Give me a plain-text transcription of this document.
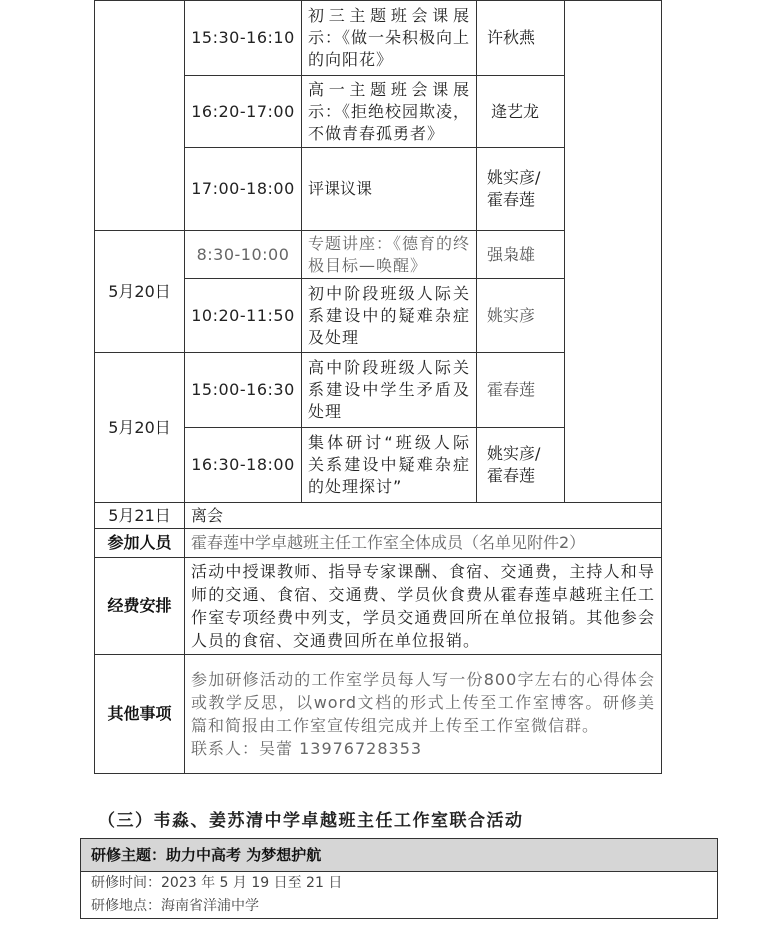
	15:30-16:10	初三主题班会课展示：《做一朵积极向上的向阳花》	许秋燕	
	16:20-17:00	高一主题班会课展示：《拒绝校园欺凌，不做青春孤勇者》	逄艺龙	
	17:00-18:00	评课议课	姚实彦/霍春莲	
5月20日	8:30-10:00	专题讲座：《德育的终极目标—唤醒》	强枭雄	
	10:20-11:50	初中阶段班级人际关系建设中的疑难杂症及处理	姚实彦	
5月20日	15:00-16:30	高中阶段班级人际关系建设中学生矛盾及处理	霍春莲	
	16:30-18:00	集体研讨“班级人际关系建设中疑难杂症的处理探讨”	姚实彦/霍春莲	
5月21日	离会			
参加人员	霍春莲中学卓越班主任工作室全体成员（名单见附件2）			
经费安排	活动中授课教师、指导专家课酬、食宿、交通费，主持人和导师的交通、食宿、交通费、学员伙食费从霍春莲卓越班主任工作室专项经费中列支，学员交通费回所在单位报销。其他参会人员的食宿、交通费回所在单位报销。			
其他事项	参加研修活动的工作室学员每人写一份800字左右的心得体会或教学反思，以word文档的形式上传至工作室博客。研修美篇和简报由工作室宣传组完成并上传至工作室微信群。
联系人：吴蕾 13976728353			
（三）韦淼、姜苏清中学卓越班主任工作室联合活动
研修主题：助力中高考 为梦想护航
研修时间：2023 年 5 月 19 日至 21 日
研修地点：海南省洋浦中学
